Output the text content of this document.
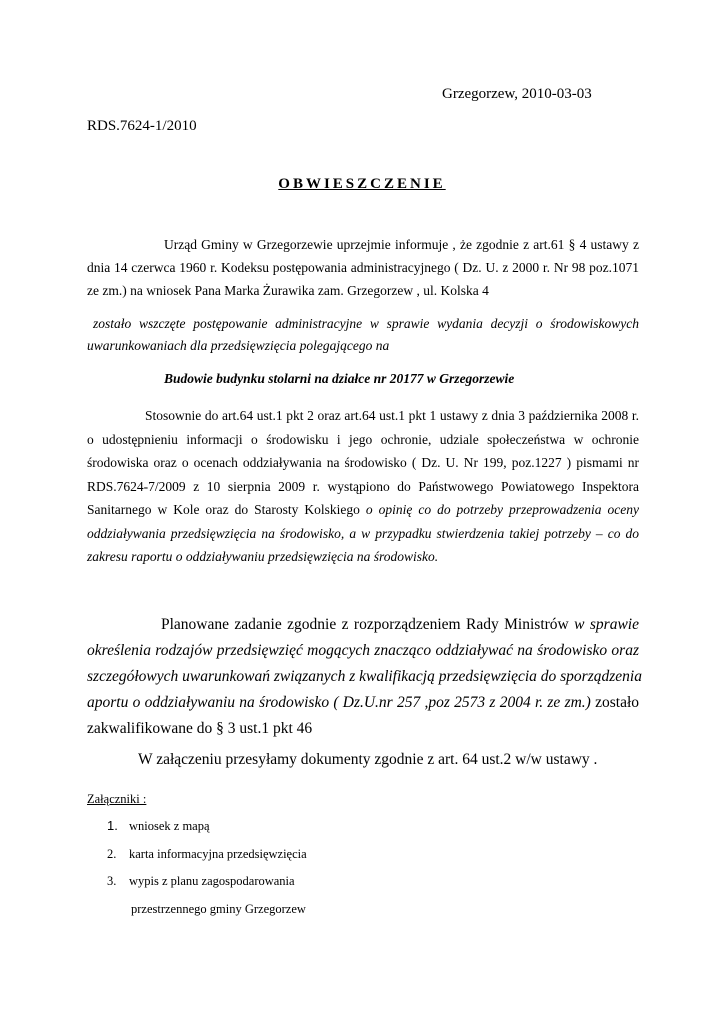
Grzegorzew, 2010-03-03
RDS.7624-1/2010
OBWIESZCZENIE
Urząd Gminy w Grzegorzewie uprzejmie informuje , że zgodnie z art.61 § 4 ustawy z
dnia 14 czerwca 1960 r. Kodeksu postępowania administracyjnego ( Dz. U. z 2000 r. Nr 98 poz.1071
ze zm.) na wniosek Pana Marka Żurawika zam. Grzegorzew , ul. Kolska 4
zostało wszczęte postępowanie administracyjne w sprawie wydania decyzji o środowiskowych
uwarunkowaniach dla przedsięwzięcia polegającego na
Budowie budynku stolarni na działce nr 20177 w Grzegorzewie
Stosownie do art.64 ust.1 pkt 2 oraz art.64 ust.1 pkt 1 ustawy z dnia 3 października 2008 r.
o udostępnieniu informacji o środowisku i jego ochronie, udziale społeczeństwa w ochronie
środowiska oraz o ocenach oddziaływania na środowisko ( Dz. U. Nr 199, poz.1227 ) pismami nr
RDS.7624-7/2009 z 10 sierpnia 2009 r. wystąpiono do Państwowego Powiatowego Inspektora
Sanitarnego w Kole oraz do Starosty Kolskiego o opinię co do potrzeby przeprowadzenia oceny
oddziaływania przedsięwzięcia na środowisko, a w przypadku stwierdzenia takiej potrzeby – co do
zakresu raportu o oddziaływaniu przedsięwzięcia na środowisko.
Planowane zadanie zgodnie z rozporządzeniem Rady Ministrów w sprawie
określenia rodzajów przedsięwzięć mogących znacząco oddziaływać na środowisko oraz
szczegółowych uwarunkowań związanych z kwalifikacją przedsięwzięcia do sporządzenia
aportu o oddziaływaniu na środowisko ( Dz.U.nr 257 ,poz 2573 z 2004 r. ze zm.) zostało
zakwalifikowane do § 3 ust.1 pkt 46
W załączeniu przesyłamy dokumenty zgodnie z art. 64 ust.2 w/w ustawy .
Załączniki :
1. wniosek z mapą
2. karta informacyjna przedsięwzięcia
3. wypis z planu zagospodarowania
przestrzennego gminy Grzegorzew
